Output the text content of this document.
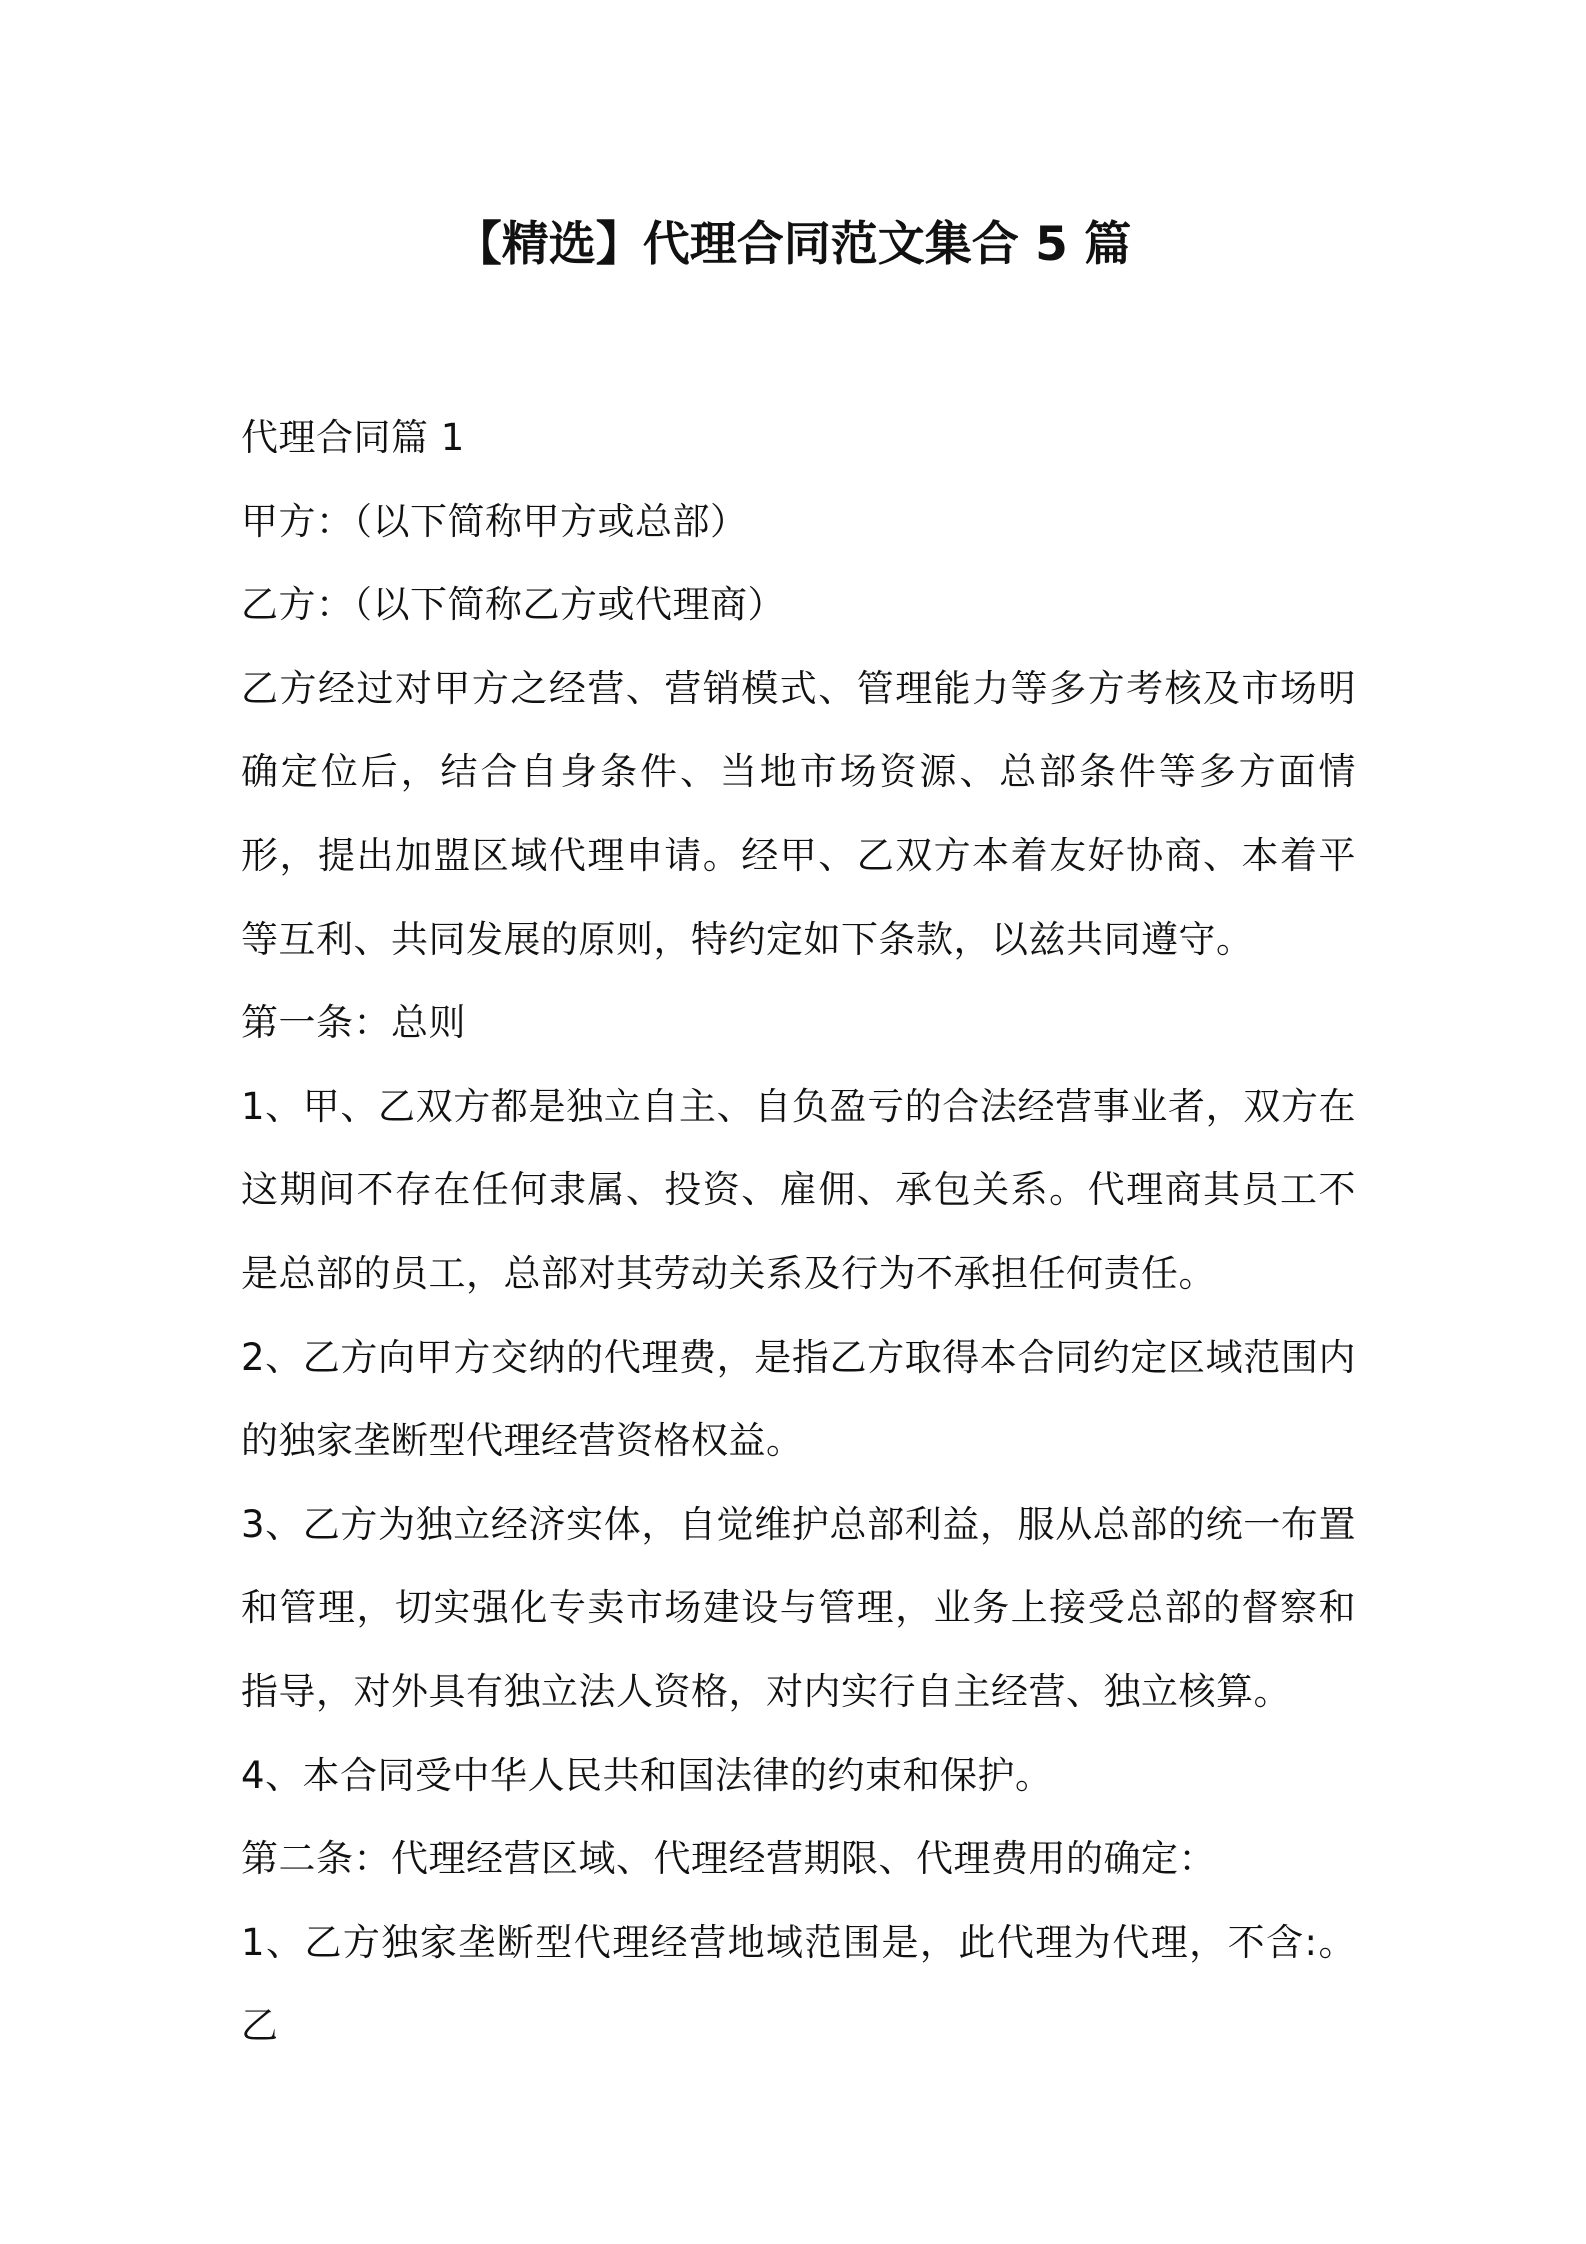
【精选】代理合同范文集合 5 篇

代理合同篇 1

甲方：（以下简称甲方或总部）

乙方：（以下简称乙方或代理商）

乙方经过对甲方之经营、营销模式、管理能力等多方考核及市场明确定位后，结合自身条件、当地市场资源、总部条件等多方面情形，提出加盟区域代理申请。经甲、乙双方本着友好协商、本着平等互利、共同发展的原则，特约定如下条款，以兹共同遵守。

第一条：总则

1、甲、乙双方都是独立自主、自负盈亏的合法经营事业者，双方在这期间不存在任何隶属、投资、雇佣、承包关系。代理商其员工不是总部的员工，总部对其劳动关系及行为不承担任何责任。

2、乙方向甲方交纳的代理费，是指乙方取得本合同约定区域范围内的独家垄断型代理经营资格权益。

3、乙方为独立经济实体，自觉维护总部利益，服从总部的统一布置和管理，切实强化专卖市场建设与管理，业务上接受总部的督察和指导，对外具有独立法人资格，对内实行自主经营、独立核算。

4、本合同受中华人民共和国法律的约束和保护。

第二条：代理经营区域、代理经营期限、代理费用的确定：

1、乙方独家垄断型代理经营地域范围是，此代理为代理，不含:。乙
